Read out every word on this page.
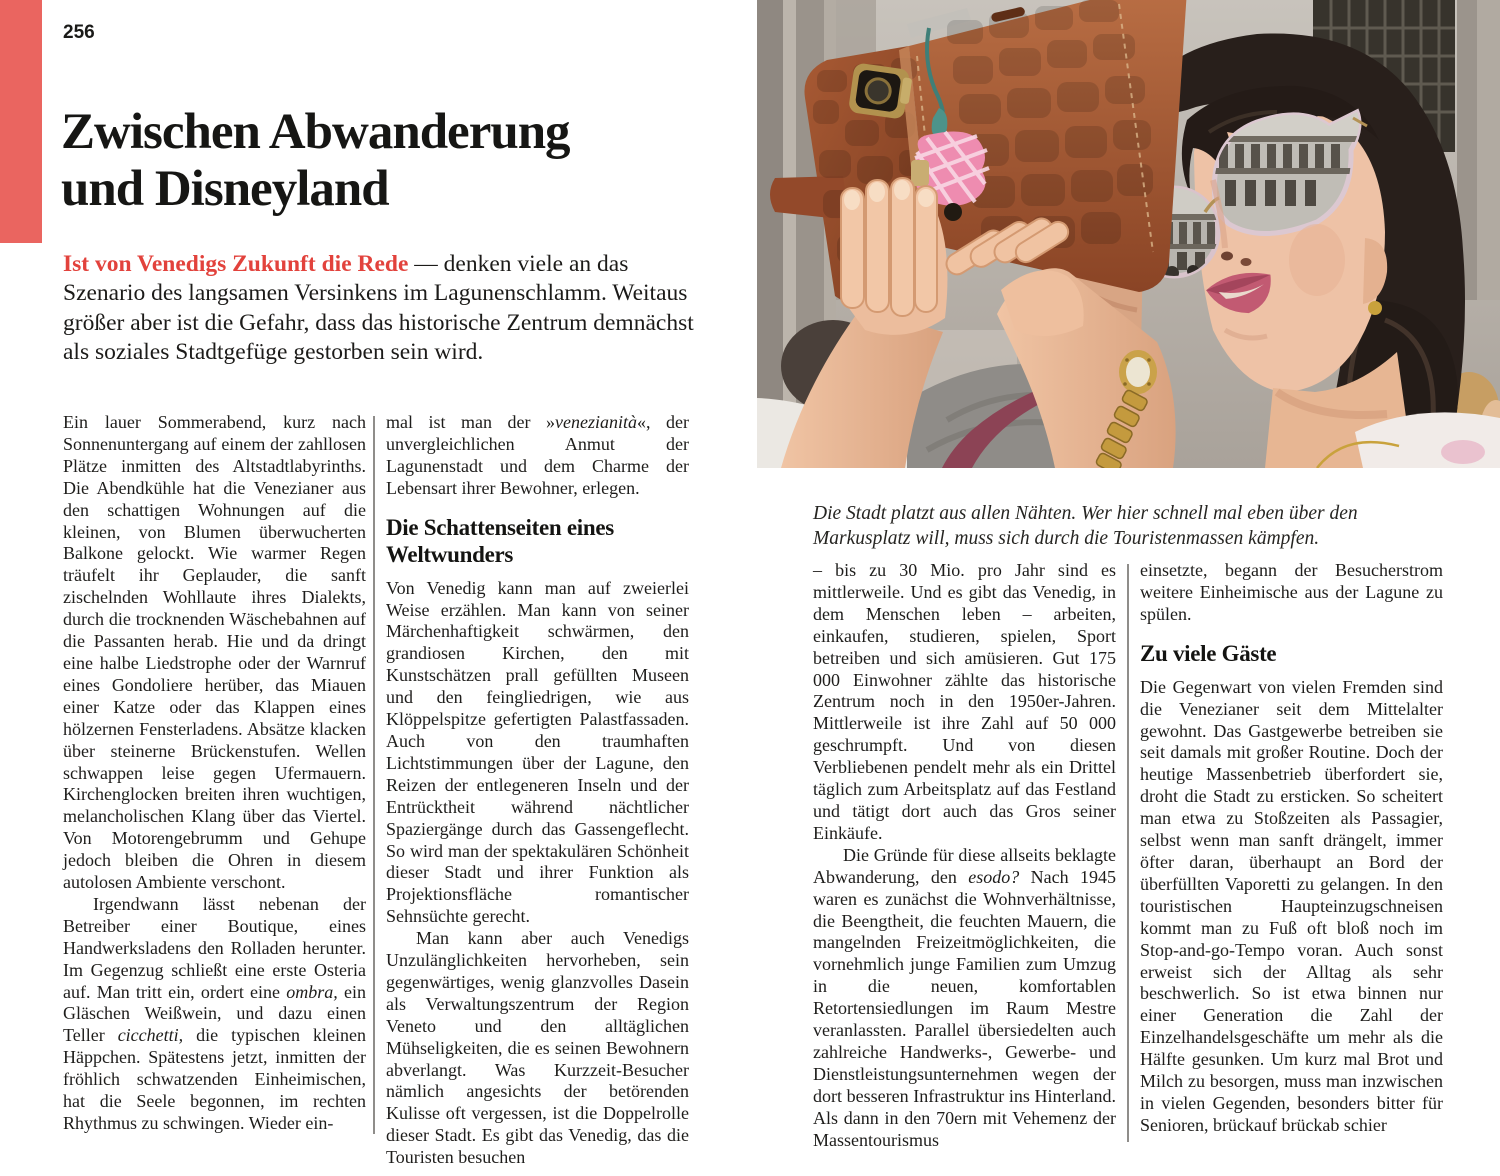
256
Zwischen Abwanderung
und Disneyland

Ist von Venedigs Zukunft die Rede — denken viele an das Szenario des langsamen Versinkens im Lagunenschlamm. Weitaus größer aber ist die Gefahr, dass das historische Zentrum demnächst als soziales Stadtgefüge gestorben sein wird.

Die Stadt platzt aus allen Nähten. Wer hier schnell mal eben über den Markusplatz will, muss sich durch die Touristenmassen kämpfen.

Ein lauer Sommerabend, kurz nach Sonnenuntergang auf einem der zahllosen Plätze inmitten des Altstadtlabyrinths. Die Abendkühle hat die Venezianer aus den schattigen Wohnungen auf die kleinen, von Blumen überwucherten Balkone gelockt. Wie warmer Regen träufelt ihr Geplauder, die sanft zischelnden Wohllaute ihres Dialekts, durch die trocknenden Wäschebahnen auf die Passanten herab. Hie und da dringt eine halbe Liedstrophe oder der Warnruf eines Gondoliere herüber, das Miauen einer Katze oder das Klappen eines hölzernen Fensterladens. Absätze klacken über steinerne Brückenstufen. Wellen schwappen leise gegen Ufermauern. Kirchenglocken breiten ihren wuchtigen, melancholischen Klang über das Viertel. Von Motorengebrumm und Gehupe jedoch bleiben die Ohren in diesem autolosen Ambiente verschont.

Irgendwann lässt nebenan der Betreiber einer Boutique, eines Handwerksladens den Rolladen herunter. Im Gegenzug schließt eine erste Osteria auf. Man tritt ein, ordert eine ombra, ein Gläschen Weißwein, und dazu einen Teller cicchetti, die typischen kleinen Häppchen. Spätestens jetzt, inmitten der fröhlich schwatzenden Einheimischen, hat die Seele begonnen, im rechten Rhythmus zu schwingen. Wieder ein-

mal ist man der »venezianità«, der unvergleichlichen Anmut der Lagunenstadt und dem Charme der Lebensart ihrer Bewohner, erlegen.

Die Schattenseiten eines Weltwunders

Von Venedig kann man auf zweierlei Weise erzählen. Man kann von seiner Märchenhaftigkeit schwärmen, den grandiosen Kirchen, den mit Kunstschätzen prall gefüllten Museen und den feingliedrigen, wie aus Klöppelspitze gefertigten Palastfassaden. Auch von den traumhaften Lichtstimmungen über der Lagune, den Reizen der entlegeneren Inseln und der Entrücktheit während nächtlicher Spaziergänge durch das Gassengeflecht. So wird man der spektakulären Schönheit dieser Stadt und ihrer Funktion als Projektionsfläche romantischer Sehnsüchte gerecht.

Man kann aber auch Venedigs Unzulänglichkeiten hervorheben, sein gegenwärtiges, wenig glanzvolles Dasein als Verwaltungszentrum der Region Veneto und den alltäglichen Mühseligkeiten, die es seinen Bewohnern abverlangt. Was Kurzzeit-Besucher nämlich angesichts der betörenden Kulisse oft vergessen, ist die Doppelrolle dieser Stadt. Es gibt das Venedig, das die Touristen besuchen

– bis zu 30 Mio. pro Jahr sind es mittlerweile. Und es gibt das Venedig, in dem Menschen leben – arbeiten, einkaufen, studieren, spielen, Sport betreiben und sich amüsieren. Gut 175 000 Einwohner zählte das historische Zentrum noch in den 1950er-Jahren. Mittlerweile ist ihre Zahl auf 50 000 geschrumpft. Und von diesen Verbliebenen pendelt mehr als ein Drittel täglich zum Arbeitsplatz auf das Festland und tätigt dort auch das Gros seiner Einkäufe.

Die Gründe für diese allseits beklagte Abwanderung, den esodo? Nach 1945 waren es zunächst die Wohnverhältnisse, die Beengtheit, die feuchten Mauern, die mangelnden Freizeitmöglichkeiten, die vornehmlich junge Familien zum Umzug in die neuen, komfortablen Retortensiedlungen im Raum Mestre veranlassten. Parallel übersiedelten auch zahlreiche Handwerks-, Gewerbe- und Dienstleistungsunternehmen wegen der dort besseren Infrastruktur ins Hinterland. Als dann in den 70ern mit Vehemenz der Massentourismus

einsetzte, begann der Besucherstrom weitere Einheimische aus der Lagune zu spülen.

Zu viele Gäste

Die Gegenwart von vielen Fremden sind die Venezianer seit dem Mittelalter gewohnt. Das Gastgewerbe betreiben sie seit damals mit großer Routine. Doch der heutige Massenbetrieb überfordert sie, droht die Stadt zu ersticken. So scheitert man etwa zu Stoßzeiten als Passagier, selbst wenn man sanft drängelt, immer öfter daran, überhaupt an Bord der überfüllten Vaporetti zu gelangen. In den touristischen Haupteinzugschneisen kommt man zu Fuß oft bloß noch im Stop-and-go-Tempo voran. Auch sonst erweist sich der Alltag als sehr beschwerlich. So ist etwa binnen nur einer Generation die Zahl der Einzelhandelsgeschäfte um mehr als die Hälfte gesunken. Um kurz mal Brot und Milch zu besorgen, muss man inzwischen in vielen Gegenden, besonders bitter für Senioren, brückauf brückab schier
